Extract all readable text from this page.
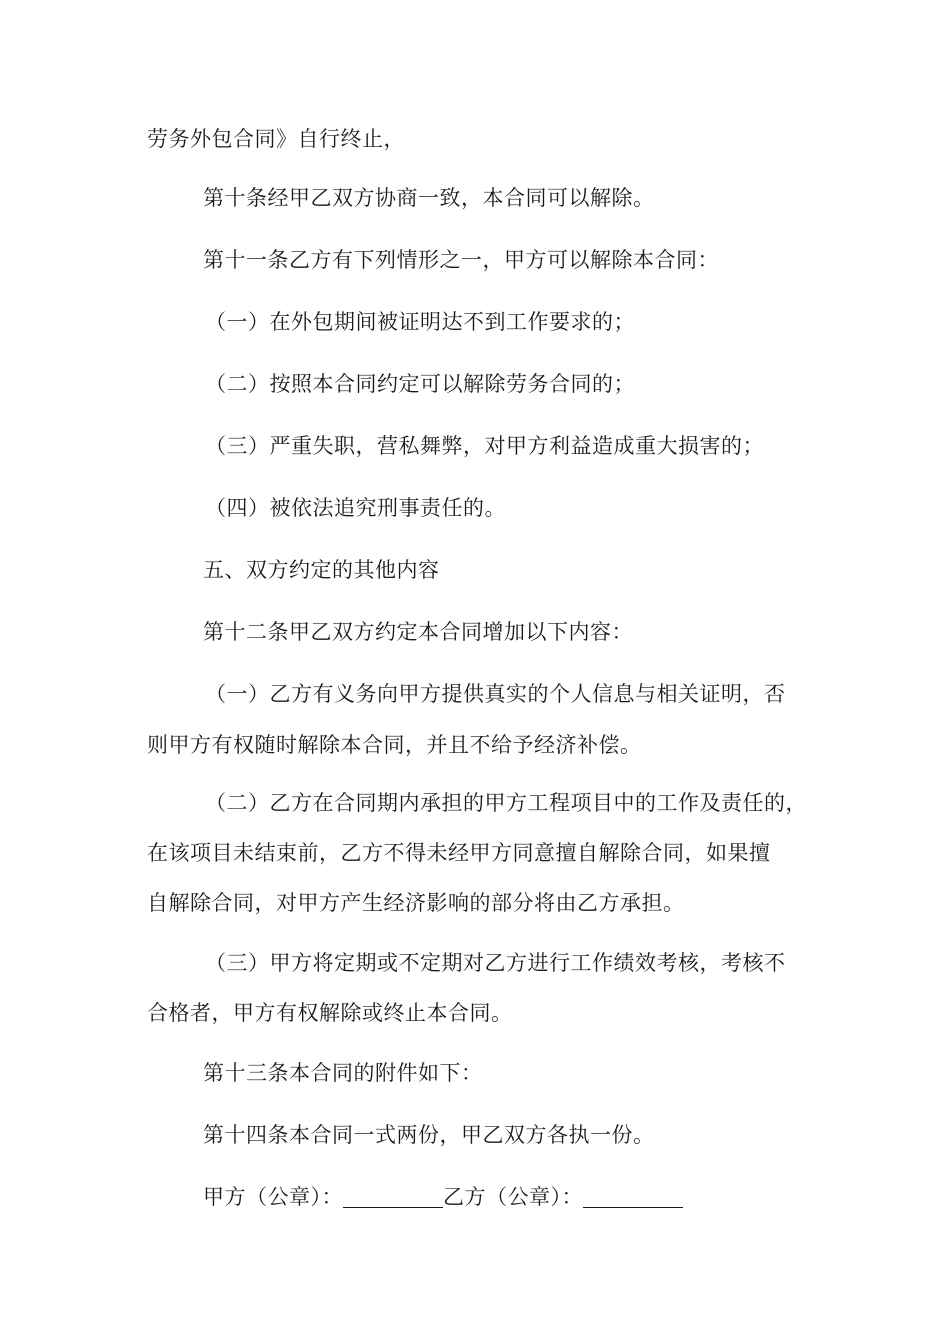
劳务外包合同》自行终止，
第十条经甲乙双方协商一致，本合同可以解除。
第十一条乙方有下列情形之一，甲方可以解除本合同：
（一）在外包期间被证明达不到工作要求的；
（二）按照本合同约定可以解除劳务合同的；
（三）严重失职，营私舞弊，对甲方利益造成重大损害的；
（四）被依法追究刑事责任的。
五、双方约定的其他内容
第十二条甲乙双方约定本合同增加以下内容：
（一）乙方有义务向甲方提供真实的个人信息与相关证明，否
则甲方有权随时解除本合同，并且不给予经济补偿。
（二）乙方在合同期内承担的甲方工程项目中的工作及责任的，
在该项目未结束前，乙方不得未经甲方同意擅自解除合同，如果擅
自解除合同，对甲方产生经济影响的部分将由乙方承担。
（三）甲方将定期或不定期对乙方进行工作绩效考核，考核不
合格者，甲方有权解除或终止本合同。
第十三条本合同的附件如下：
第十四条本合同一式两份，甲乙双方各执一份。
甲方（公章）：	乙方（公章）：
